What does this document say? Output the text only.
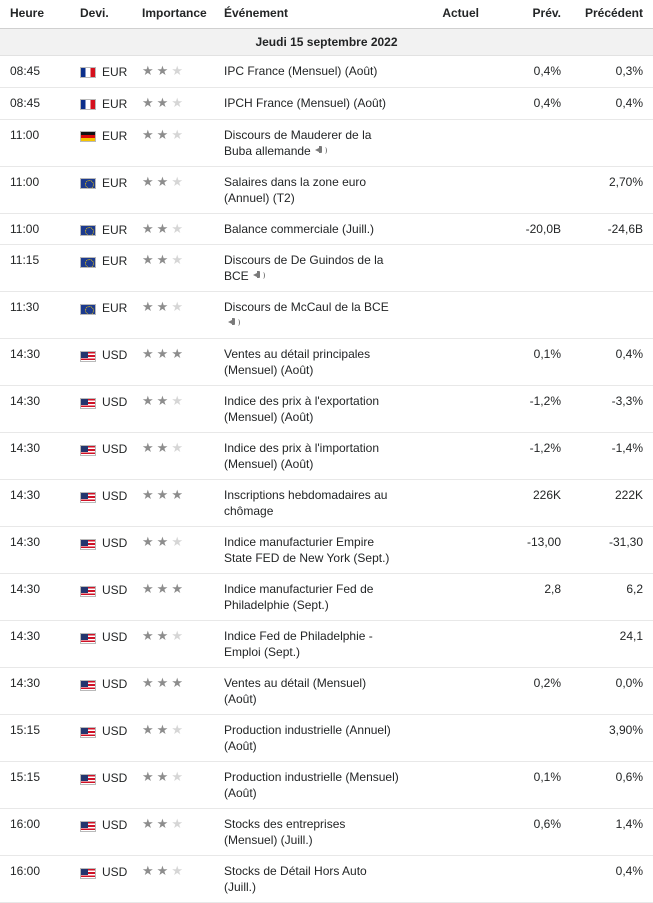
Heure	Devi.	Importance	Événement	Actuel	Prév.	Précédent
Jeudi 15 septembre 2022						
08:45	EUR	★★★	IPC France (Mensuel) (Août)		0,4%	0,3%
08:45	EUR	★★★	IPCH France (Mensuel) (Août)		0,4%	0,4%
11:00	EUR	★★★	Discours de Mauderer de la Buba allemande

11:00	EUR	★★★	Salaires dans la zone euro (Annuel) (T2)			2,70%
11:00	EUR	★★★	Balance commerciale (Juill.)		-20,0B	-24,6B
11:15	EUR	★★★	Discours de De Guindos de la BCE

11:30	EUR	★★★	Discours de McCaul de la BCE

14:30	USD	★★★	Ventes au détail principales (Mensuel) (Août)		0,1%	0,4%
14:30	USD	★★★	Indice des prix à l'exportation (Mensuel) (Août)		-1,2%	-3,3%
14:30	USD	★★★	Indice des prix à l'importation (Mensuel) (Août)		-1,2%	-1,4%
14:30	USD	★★★	Inscriptions hebdomadaires au chômage		226K	222K
14:30	USD	★★★	Indice manufacturier Empire State FED de New York (Sept.)		-13,00	-31,30
14:30	USD	★★★	Indice manufacturier Fed de Philadelphie (Sept.)		2,8	6,2
14:30	USD	★★★	Indice Fed de Philadelphie - Emploi (Sept.)			24,1
14:30	USD	★★★	Ventes au détail (Mensuel) (Août)		0,2%	0,0%
15:15	USD	★★★	Production industrielle (Annuel) (Août)			3,90%
15:15	USD	★★★	Production industrielle (Mensuel) (Août)		0,1%	0,6%
16:00	USD	★★★	Stocks des entreprises (Mensuel) (Juill.)		0,6%	1,4%
16:00	USD	★★★	Stocks de Détail Hors Auto (Juill.)			0,4%
